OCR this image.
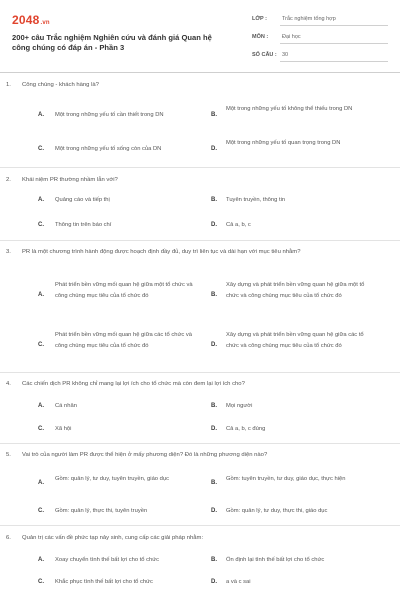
2048.vn
200+ câu Trắc nghiệm Nghiên cứu và đánh giá Quan hệ công chúng có đáp án - Phần 3
LỚP :	Trắc nghiệm tổng hợp
MÔN :	Đại học
SỐ CÂU : 30
1. Công chúng - khách hàng là?
A. Một trong những yếu tố cần thiết trong DN	B.
Một trong những yếu tố không thể thiếu trong DN
C. Một trong những yếu tố sống còn của DN	D.
Một trong những yếu tố quan trọng trong DN
2. Khái niệm PR thường nhầm lẫn với?
A. Quảng cáo và tiếp thị	B. Tuyên truyền, thông tin
C. Thông tin trên báo chí	D. Cả a, b, c
3. PR là một chương trình hành động được hoạch định đầy đủ, duy trì liên tục và dài hạn với mục tiêu nhằm?
A.
Phát triển bền vững mối quan hệ giữa một tổ chức và công chúng mục tiêu của tổ chức đó	B.
Xây dựng và phát triển bền vững quan hệ giữa một tổ chức và công chúng mục tiêu của tổ chức đó
C.
Phát triển bền vững mối quan hệ giữa các tổ chức và công chúng mục tiêu của tổ chức đó	D.
Xây dựng và phát triển bền vững quan hệ giữa các tổ chức và công chúng mục tiêu của tổ chức đó
4. Các chiến dịch PR không chỉ mang lại lợi ích cho tổ chức mà còn đem lại lợi ích cho?
A. Cá nhân	B. Mọi người
C. Xã hội	D. Cả a, b, c đúng
5. Vai trò của người làm PR được thể hiện ở mấy phương diện? Đó là những phương diện nào?
A.
Gồm: quản lý, tư duy, tuyên truyền, giáo dục
B.
Gồm: tuyên truyền, tư duy, giáo dục, thực hiện
C. Gồm: quản lý, thực thi, tuyên truyền	D. Gồm: quản lý, tư duy, thực thi, giáo dục
6. Quản trị các vấn đề phức tạp nảy sinh, cung cấp các giải pháp nhằm:
A. Xoay chuyển tình thế bất lợi cho tổ chức	B. Ổn định lại tình thế bất lợi cho tổ chức
C. Khắc phục tình thế bất lợi cho tổ chức	D. a và c sai
